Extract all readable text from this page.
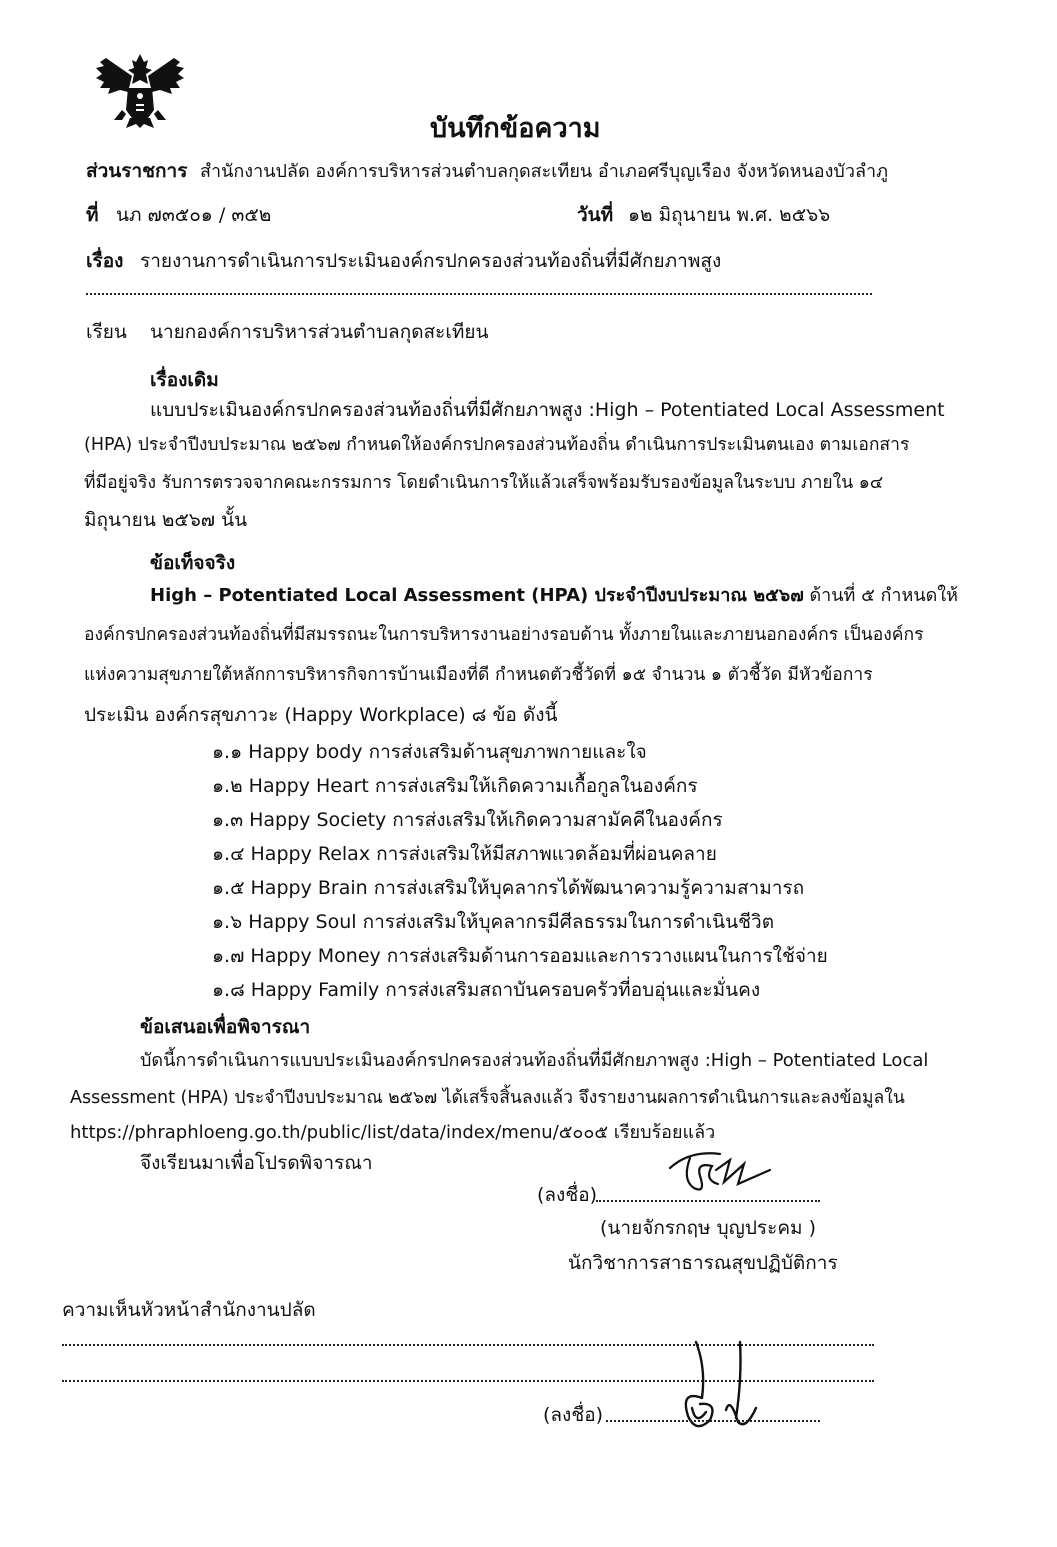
บันทึกข้อความ
ส่วนราชการ สำนักงานปลัด องค์การบริหารส่วนตำบลกุดสะเทียน อำเภอศรีบุญเรือง จังหวัดหนองบัวลำภู
ที่ นภ ๗๓๕๐๑ / ๓๕๒	วันที่ ๑๒ มิถุนายน พ.ศ. ๒๕๖๖
เรื่อง รายงานการดำเนินการประเมินองค์กรปกครองส่วนท้องถิ่นที่มีศักยภาพสูง
เรียน นายกองค์การบริหารส่วนตำบลกุดสะเทียน
เรื่องเดิม
แบบประเมินองค์กรปกครองส่วนท้องถิ่นที่มีศักยภาพสูง :High – Potentiated Local Assessment
(HPA) ประจำปีงบประมาณ ๒๕๖๗ กำหนดให้องค์กรปกครองส่วนท้องถิ่น ดำเนินการประเมินตนเอง ตามเอกสาร
ที่มีอยู่จริง รับการตรวจจากคณะกรรมการ โดยดำเนินการให้แล้วเสร็จพร้อมรับรองข้อมูลในระบบ ภายใน ๑๔
มิถุนายน ๒๕๖๗ นั้น
ข้อเท็จจริง
High – Potentiated Local Assessment (HPA) ประจำปีงบประมาณ ๒๕๖๗ ด้านที่ ๕ กำหนดให้
องค์กรปกครองส่วนท้องถิ่นที่มีสมรรถนะในการบริหารงานอย่างรอบด้าน ทั้งภายในและภายนอกองค์กร เป็นองค์กร
แห่งความสุขภายใต้หลักการบริหารกิจการบ้านเมืองที่ดี กำหนดตัวชี้วัดที่ ๑๕ จำนวน ๑ ตัวชี้วัด มีหัวข้อการ
ประเมิน องค์กรสุขภาวะ (Happy Workplace) ๘ ข้อ ดังนี้
๑.๑ Happy body การส่งเสริมด้านสุขภาพกายและใจ
๑.๒ Happy Heart การส่งเสริมให้เกิดความเกื้อกูลในองค์กร
๑.๓ Happy Society การส่งเสริมให้เกิดความสามัคคีในองค์กร
๑.๔ Happy Relax การส่งเสริมให้มีสภาพแวดล้อมที่ผ่อนคลาย
๑.๕ Happy Brain การส่งเสริมให้บุคลากรได้พัฒนาความรู้ความสามารถ
๑.๖ Happy Soul การส่งเสริมให้บุคลากรมีศีลธรรมในการดำเนินชีวิต
๑.๗ Happy Money การส่งเสริมด้านการออมและการวางแผนในการใช้จ่าย
๑.๘ Happy Family การส่งเสริมสถาบันครอบครัวที่อบอุ่นและมั่นคง
ข้อเสนอเพื่อพิจารณา
บัดนี้การดำเนินการแบบประเมินองค์กรปกครองส่วนท้องถิ่นที่มีศักยภาพสูง :High – Potentiated Local
Assessment (HPA) ประจำปีงบประมาณ ๒๕๖๗ ได้เสร็จสิ้นลงแล้ว จึงรายงานผลการดำเนินการและลงข้อมูลใน
https://phraphloeng.go.th/public/list/data/index/menu/๕๐๐๕ เรียบร้อยแล้ว
จึงเรียนมาเพื่อโปรดพิจารณา
(ลงชื่อ)
(นายจักรกฤษ บุญประคม )
นักวิชาการสาธารณสุขปฏิบัติการ
ความเห็นหัวหน้าสำนักงานปลัด
(ลงชื่อ)
